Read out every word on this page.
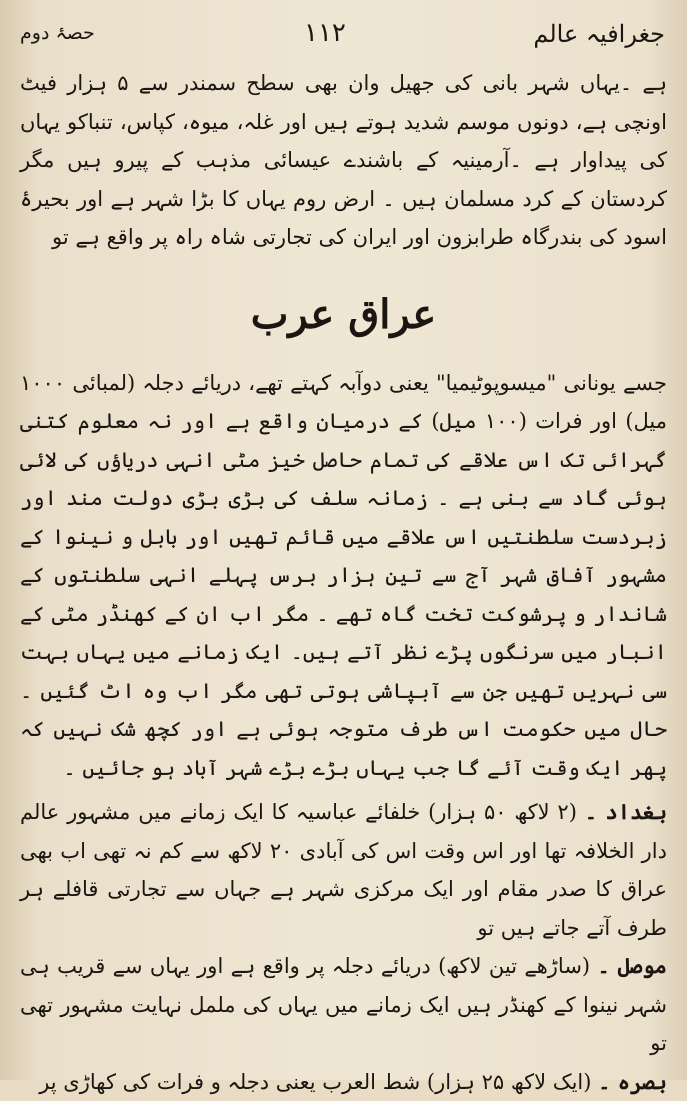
حصۂ دوم	۱۱۲	جغرافیہ عالم

ہے ۔یہاں شہر بانی کی جھیل وان بھی سطح سمندر سے ۵ ہزار فیٹ اونچی ہے، دونوں موسم شدید ہوتے ہیں اور غلہ، میوہ، کپاس، تنباکو یہاں کی پیداوار ہے ۔آرمینیہ کے باشندے عیسائی مذہب کے پیرو ہیں مگر کردستان کے کرد مسلمان ہیں ۔ ارض روم یہاں کا بڑا شہر ہے اور بحیرۂ اسود کی بندرگاہ طرابزون اور ایران کی تجارتی شاہ راہ پر واقع ہے تو

عراق عرب

جسے یونانی "میسوپوٹیمیا" یعنی دوآبہ کہتے تھے، دریائے دجلہ (لمبائی ۱۰۰۰ میل) اور فرات (۱۰۰ میل) کے درمیان واقع ہے اور نہ معلوم کتنی گہرائی تک اس علاقے کی تمام حاصل خیز مٹی انہی دریاؤں کی لائی ہوئی گاد سے بنی ہے ۔ زمانہ سلف کی بڑی بڑی دولت مند اور زبردست سلطنتیں اس علاقے میں قائم تھیں اور بابل و نینوا کے مشہور آفاق شہر آج سے تین ہزار برس پہلے انہی سلطنتوں کے شاندار و پرشوکت تخت گاہ تھے ۔ مگر اب ان کے کھنڈر مٹی کے انبار میں سرنگوں پڑے نظر آتے ہیں۔ ایک زمانے میں یہاں بہت سی نہریں تھیں جن سے آبپاشی ہوتی تھی مگر اب وہ اٹ گئیں ۔حال میں حکومت اس طرف متوجہ ہوئی ہے اور کچھ شک نہیں کہ پھر ایک وقت آئے گا جب یہاں بڑے بڑے شہر آباد ہو جائیں ۔

بغداد ۔ (۲ لاکھ ۵۰ ہزار) خلفائے عباسیہ کا ایک زمانے میں مشہور عالم دار الخلافہ تھا اور اس وقت اس کی آبادی ۲۰ لاکھ سے کم نہ تھی اب بھی عراق کا صدر مقام اور ایک مرکزی شہر ہے جہاں سے تجارتی قافلے ہر طرف آتے جاتے ہیں تو

موصل ۔ (ساڑھے تین لاکھ) دریائے دجلہ پر واقع ہے اور یہاں سے قریب ہی شہر نینوا کے کھنڈر ہیں ایک زمانے میں یہاں کی ململ نہایت مشہور تھی تو

بصرہ ۔ (ایک لاکھ ۲۵ ہزار) شط العرب یعنی دجلہ و فرات کی کھاڑی پر
